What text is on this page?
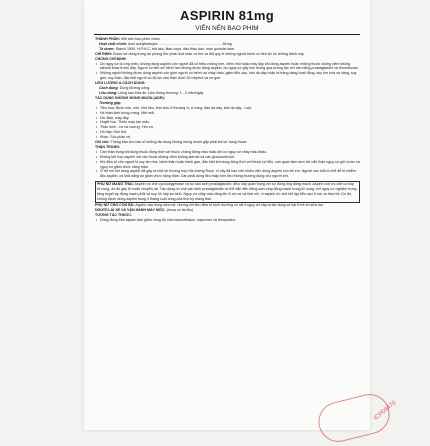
ASPIRIN 81mg
VIÊN NÉN BAO PHIM

THÀNH PHẦN: Mỗi viên bao phim chứa:

Hoạt chất chính: Acid acetylsalicylic ............................................................... 81mg

Tá dược: Starch 1500, H.P.M.C, bột talc, titan oxyd, dầu thầu dầu, màu quinolin lake.

CHỈ ĐỊNH: Được sử dụng trong dự phòng thứ phát nhồi máu cơ tim và đột quỵ ở những người bệnh có tiền sử về những bệnh này.

CHỐNG CHỈ ĐỊNH:

• Do nguy cơ dị ứng chéo, không dùng aspirin cho người đã có triệu chứng hen, viêm mũi hoặc mày đay khi dùng aspirin hoặc những thuốc chống viêm không steroid khác trước đây. Người có tiền sử bệnh hen không được dùng aspirin, do nguy cơ gây hen thông qua tương tác với cân bằng prostaglandin và thromboxan.

• Những người không được dùng aspirin còn gồm người có bệnh ưa chảy máu, giảm tiểu cầu, loét dạ dày hoặc tá tràng đang hoạt động, suy tim vừa và nặng, suy gan, suy thận, đặc biệt người có độ lọc cầu thận dưới 30 ml/phút và xơ gan.

LIỀU LƯỢNG & CÁCH DÙNG:

Cách dùng: Dùng đường uống.

Liều dùng: Uống sau bữa ăn. Liều thông thường: 1 - 2 viên/ngày.

TÁC DỤNG KHÔNG MONG MUỐN (ADR):

Thường gặp:

• Tiêu hóa: Buồn nôn, nôn, khó tiêu, khó chịu ở thượng vị, ợ nóng, đau dạ dày, loét dạ dày - ruột.

• Hệ thần kinh trung ương: Mệt mỏi.

• Da: Ban, mày đay.

• Huyết học: Thiếu máu tan máu.

• Thần kinh - cơ và xương: Yếu cơ.

• Hô hấp: Khó thở.

• Khác: Sốc phản vệ.

Ghi chú: Thông báo cho bác sĩ những tác dụng không mong muốn gặp phải khi sử dụng thuốc.

THẬN TRỌNG:

• Cần thận trọng khi dùng thuốc đồng thời với thuốc chống đông máu hoặc khi có nguy cơ chảy máu khác.

• Không kết hợp aspirin với các thuốc kháng viêm không steroid và các glucocorticoid.

• Khi điều trị cho người bị suy tim nhẹ, bệnh thận hoặc bệnh gan, đặc biệt khi dùng đồng thời với thuốc lợi tiểu, cần quan tâm xem xét cẩn thận nguy cơ giữ nước và nguy cơ giảm chức năng thận.

• Ở trẻ em khi dùng aspirin đã gây ra một số trường hợp hội chứng Reye, vì vậy đã hạn chế nhiều việc dùng aspirin cho trẻ em. Người cao tuổi có thể dễ bị nhiễm độc aspirin, có khả năng do giảm chức năng thận. Cần phải dùng liều thấp hơn liều thông thường dùng cho người lớn.

PHỤ NỮ MANG THAI: Aspirin ức chế cyclooxygenase và sự sản sinh prostaglandin; điều này quan trọng với sự đóng ống động mạch. Aspirin còn ức chế co bóp tử cung, do đó gây trì hoãn chuyển dạ. Tác dụng ức chế sản sinh prostaglandin có thể dẫn đến đóng sớm ống động mạch trong tử cung, với nguy cơ nghiêm trọng tăng huyết áp động mạch phổi và suy hô hấp sơ sinh. Nguy cơ chảy máu tăng lên ở cả mẹ và thai nhi, vì aspirin ức chế kết tập tiểu cầu ở mẹ và thai nhi. Do đó, không được dùng aspirin trong 3 tháng cuối cùng của thời kỳ mang thai.

PHỤ NỮ CHO CON BÚ: Aspirin vào trong sữa mẹ, nhưng với liều điều trị bình thường có rất ít nguy cơ xảy ra tác dụng có hại ở trẻ bú sữa mẹ.

NGƯỜI LÁI XE VÀ VẬN HÀNH MÁY MÓC: (chưa có tài liệu)

TƯƠNG TÁC THUỐC:

• Dùng đồng thời aspirin làm giảm nồng độ của indomethacin, naproxen và fenoprofen.

ICP09470
